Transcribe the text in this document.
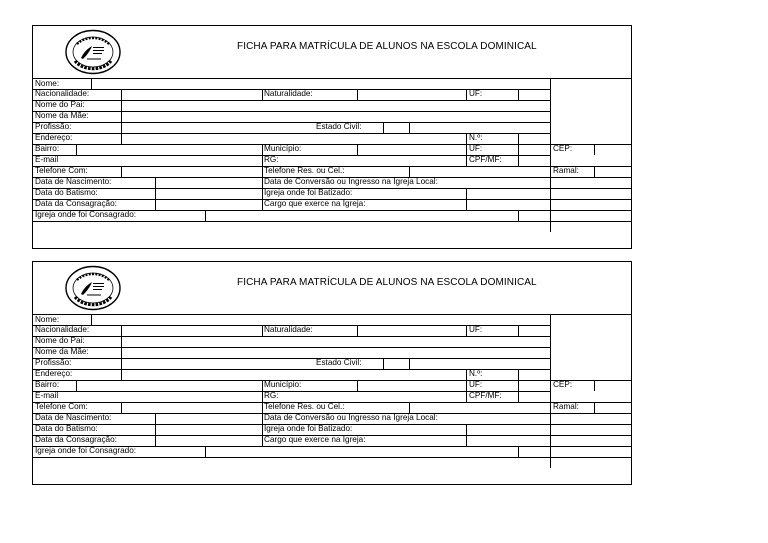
FICHA PARA MATRÍCULA DE ALUNOS NA ESCOLA DOMINICAL
Nome:
Nacionalidade:	Naturalidade:	UF:
Nome do Pai:
Nome da Mãe:
Profissão:	Estado Civil:
Endereço:	N.º:
Bairro:	Município:	UF:	CEP:
E-mail	RG:	CPF/MF:
Telefone Com:	Telefone Res. ou Cel.:	Ramal:
Data de Nascimento:	Data de Conversão ou Ingresso na Igreja Local:
Data do Batismo:	Igreja onde foi Batizado:
Data da Consagração:	Cargo que exerce na Igreja:
Igreja onde foi Consagrado:
FICHA PARA MATRÍCULA DE ALUNOS NA ESCOLA DOMINICAL
Nome:
Nacionalidade:	Naturalidade:	UF:
Nome do Pai:
Nome da Mãe:
Profissão:	Estado Civil:
Endereço:	N.º:
Bairro:	Município:	UF:	CEP:
E-mail	RG:	CPF/MF:
Telefone Com:	Telefone Res. ou Cel.:	Ramal:
Data de Nascimento:	Data de Conversão ou Ingresso na Igreja Local:
Data do Batismo:	Igreja onde foi Batizado:
Data da Consagração:	Cargo que exerce na Igreja:
Igreja onde foi Consagrado:
